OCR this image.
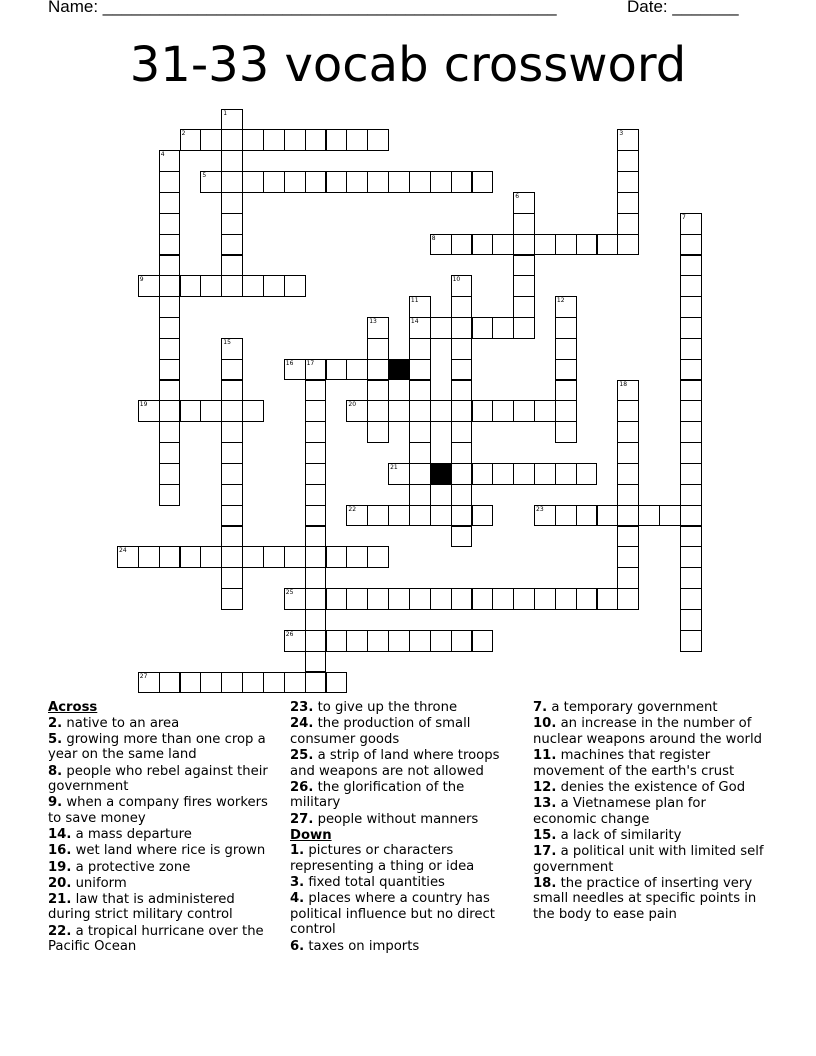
Name: ________________________________________________	Date: _______
31-33 vocab crossword
1
2	3
4
5
6
7
8
9	10
11
14
12
13
15
16 17
18
19	20
21
22	23
24
25
26
27
Across
2. native to an area
5. growing more than one crop a year on the same land
8. people who rebel against their government
9. when a company fires workers to save money
14. a mass departure
16. wet land where rice is grown
19. a protective zone
20. uniform
21. law that is administered during strict military control
22. a tropical hurricane over the Pacific Ocean
23. to give up the throne
24. the production of small consumer goods
25. a strip of land where troops and weapons are not allowed
26. the glorification of the military
27. people without manners
Down
1. pictures or characters representing a thing or idea
3. fixed total quantities
4. places where a country has political influence but no direct control
6. taxes on imports
7. a temporary government
10. an increase in the number of nuclear weapons around the world
11. machines that register movement of the earth's crust
12. denies the existence of God
13. a Vietnamese plan for economic change
15. a lack of similarity
17. a political unit with limited self government
18. the practice of inserting very small needles at specific points in the body to ease pain
